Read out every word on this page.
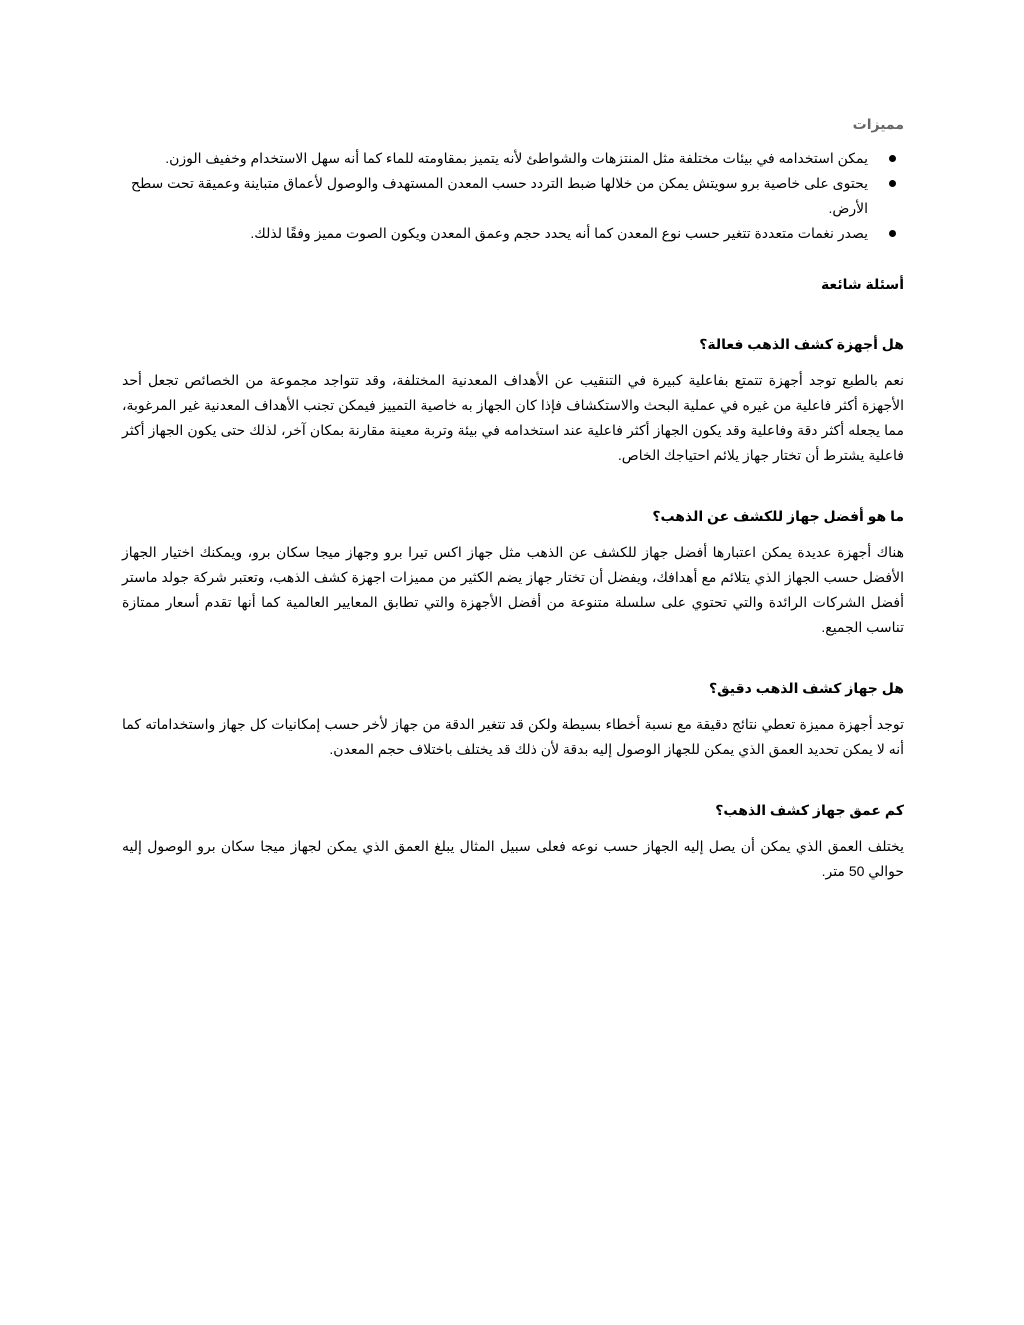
مميزات
يمكن استخدامه في بيئات مختلفة مثل المنتزهات والشواطئ لأنه يتميز بمقاومته للماء كما أنه سهل الاستخدام وخفيف الوزن.
يحتوى على خاصية برو سويتش يمكن من خلالها ضبط التردد حسب المعدن المستهدف والوصول لأعماق متباينة وعميقة تحت سطح الأرض.
يصدر نغمات متعددة تتغير حسب نوع المعدن كما أنه يحدد حجم وعمق المعدن ويكون الصوت مميز وفقًا لذلك.
أسئلة شائعة
هل أجهزة كشف الذهب فعالة؟
نعم بالطبع توجد أجهزة تتمتع بفاعلية كبيرة في التنقيب عن الأهداف المعدنية المختلفة، وقد تتواجد مجموعة من الخصائص تجعل أحد الأجهزة أكثر فاعلية من غيره في عملية البحث والاستكشاف فإذا كان الجهاز به خاصية التمييز فيمكن تجنب الأهداف المعدنية غير المرغوبة، مما يجعله أكثر دقة وفاعلية وقد يكون الجهاز أكثر فاعلية عند استخدامه في بيئة وتربة معينة مقارنة بمكان آخر، لذلك حتى يكون الجهاز أكثر فاعلية يشترط أن تختار جهاز يلائم احتياجك الخاص.
ما هو أفضل جهاز للكشف عن الذهب؟
هناك أجهزة عديدة يمكن اعتبارها أفضل جهاز للكشف عن الذهب مثل جهاز اكس تيرا برو وجهاز ميجا سكان برو، ويمكنك اختيار الجهاز الأفضل حسب الجهاز الذي يتلائم مع أهدافك، ويفضل أن تختار جهاز يضم الكثير من مميزات اجهزة كشف الذهب، وتعتبر شركة جولد ماستر أفضل الشركات الرائدة والتي تحتوي على سلسلة متنوعة من أفضل الأجهزة والتي تطابق المعايير العالمية كما أنها تقدم أسعار ممتازة تناسب الجميع.
هل جهاز كشف الذهب دقيق؟
توجد أجهزة مميزة تعطي نتائج دقيقة مع نسبة أخطاء بسيطة ولكن قد تتغير الدقة من جهاز لأخر حسب إمكانيات كل جهاز واستخداماته كما أنه لا يمكن تحديد العمق الذي يمكن للجهاز الوصول إليه بدقة لأن ذلك قد يختلف باختلاف حجم المعدن.
كم عمق جهاز كشف الذهب؟
يختلف العمق الذي يمكن أن يصل إليه الجهاز حسب نوعه فعلى سبيل المثال يبلغ العمق الذي يمكن لجهاز ميجا سكان برو الوصول إليه حوالي 50 متر.
